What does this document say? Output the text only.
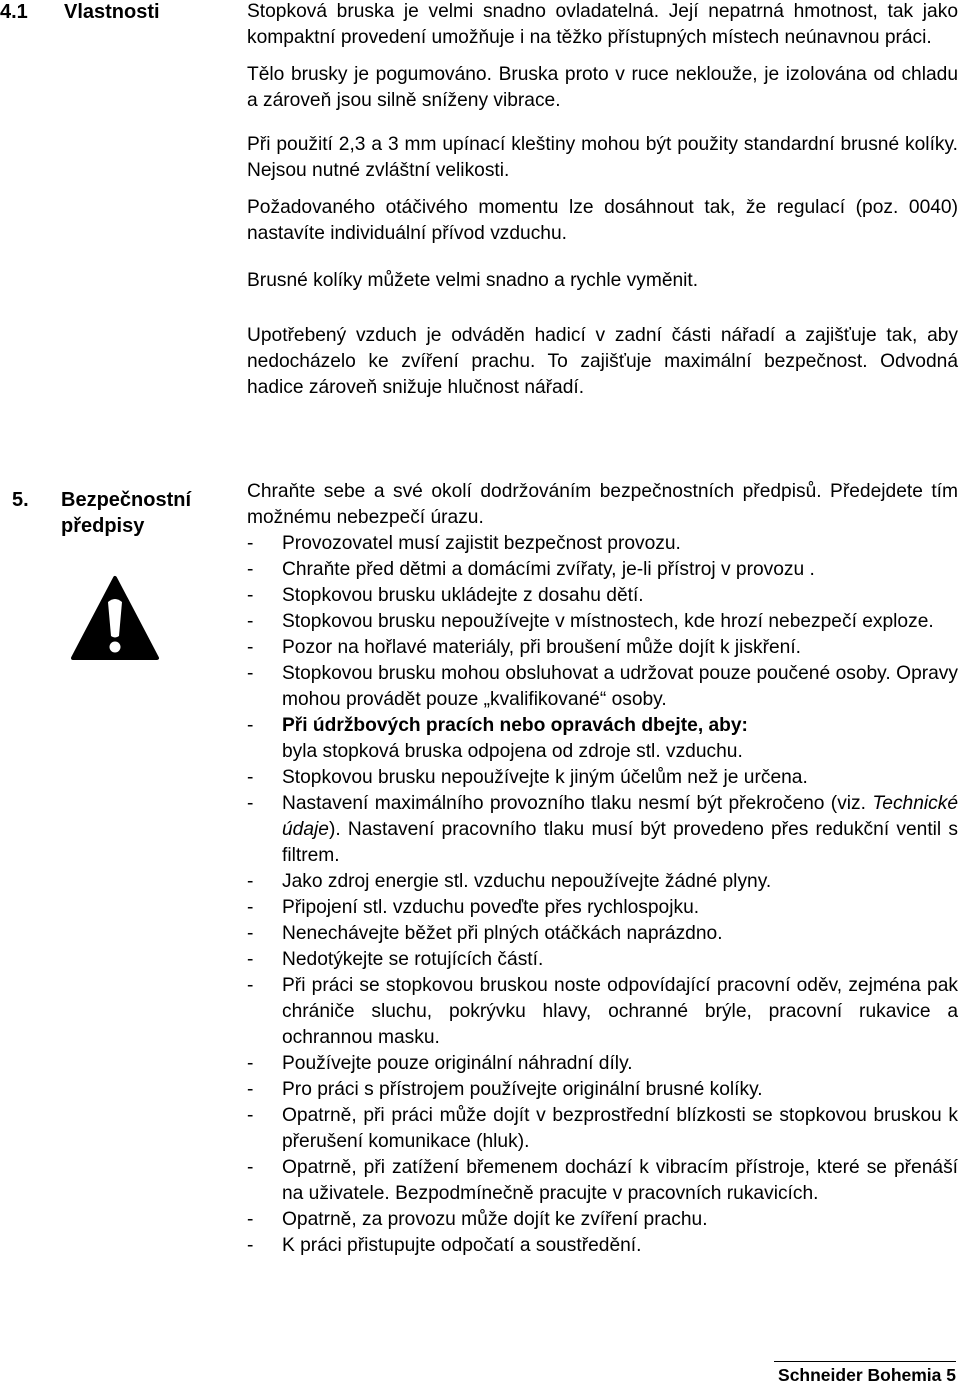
4.1 Vlastnosti	Stopková bruska je velmi snadno ovladatelná. Její nepatrná hmotnost, tak jako kompaktní provedení umožňuje i na těžko přístupných místech neúnavnou práci.

Tělo brusky je pogumováno. Bruska proto v ruce neklouže, je izolována od chladu a zároveň jsou silně sníženy vibrace.

Při použití 2,3 a 3 mm upínací kleštiny mohou být použity standardní brusné kolíky. Nejsou nutné zvláštní velikosti.

Požadovaného otáčivého momentu lze dosáhnout tak, že regulací (poz. 0040) nastavíte individuální přívod vzduchu.

Brusné kolíky můžete velmi snadno a rychle vyměnit.

Upotřebený vzduch je odváděn hadicí v zadní části nářadí a zajišťuje tak, aby nedocházelo ke zvíření prachu. To zajišťuje maximální bezpečnost. Odvodná hadice zároveň snižuje hlučnost nářadí.

5. Bezpečnostní předpisy

Chraňte sebe a své okolí dodržováním bezpečnostních předpisů. Předejdete tím možnému nebezpečí úrazu.

- Provozovatel musí zajistit bezpečnost provozu.
- Chraňte před dětmi a domácími zvířaty, je-li přístroj v provozu .
- Stopkovou brusku ukládejte z dosahu dětí.
- Stopkovou brusku nepoužívejte v místnostech, kde hrozí nebezpečí exploze.
- Pozor na hořlavé materiály, při broušení může dojít k jiskření.
- Stopkovou brusku mohou obsluhovat a udržovat pouze poučené osoby. Opravy mohou provádět pouze „kvalifikované“ osoby.
- Při údržbových pracích nebo opravách dbejte, aby:
byla stopková bruska odpojena od zdroje stl. vzduchu.
- Stopkovou brusku nepoužívejte k jiným účelům než je určena.
- Nastavení maximálního provozního tlaku nesmí být překročeno (viz. Technické údaje). Nastavení pracovního tlaku musí být provedeno přes redukční ventil s filtrem.
- Jako zdroj energie stl. vzduchu nepoužívejte žádné plyny.
- Připojení stl. vzduchu poveďte přes rychlospojku.
- Nenechávejte běžet při plných otáčkách naprázdno.
- Nedotýkejte se rotujících částí.
- Při práci se stopkovou bruskou noste odpovídající pracovní oděv, zejména pak chrániče sluchu, pokrývku hlavy, ochranné brýle, pracovní rukavice a ochrannou masku.
- Používejte pouze originální náhradní díly.
- Pro práci s přístrojem používejte originální brusné kolíky.
- Opatrně, při práci může dojít v bezprostřední blízkosti se stopkovou bruskou k přerušení komunikace (hluk).
- Opatrně, při zatížení břemenem dochází k vibracím přístroje, které se přenáší na uživatele. Bezpodmínečně pracujte v pracovních rukavicích.
- Opatrně, za provozu může dojít ke zvíření prachu.
- K práci přistupujte odpočatí a soustředění.
Schneider Bohemia 5
